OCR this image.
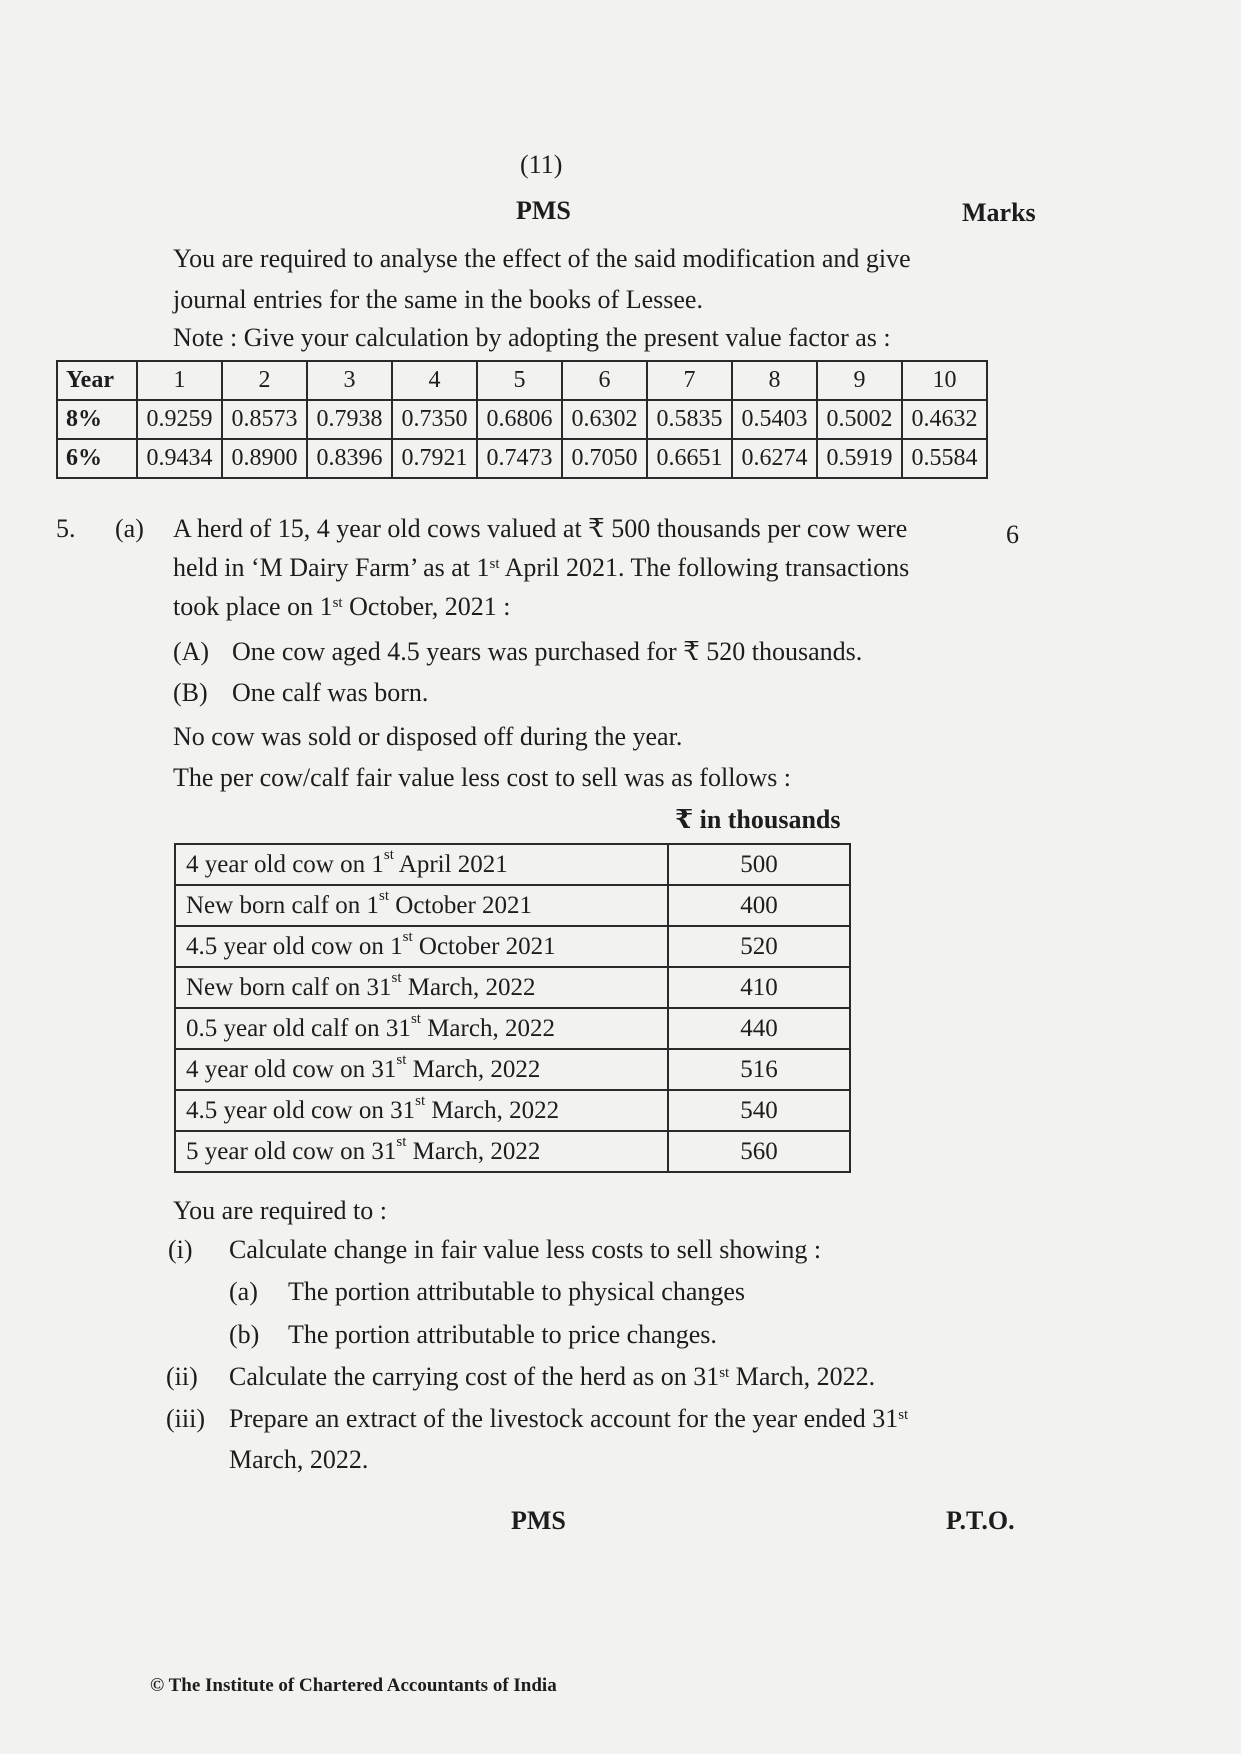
(11)
PMS	Marks
You are required to analyse the effect of the said modification and give
journal entries for the same in the books of Lessee.
Note : Give your calculation by adopting the present value factor as :
Year	1	2	3	4	5	6	7	8	9	10
8%	0.9259	0.8573	0.7938	0.7350	0.6806	0.6302	0.5835	0.5403	0.5002	0.4632
6%	0.9434	0.8900	0.8396	0.7921	0.7473	0.7050	0.6651	0.6274	0.5919	0.5584
5. (a)	6
A herd of 15, 4 year old cows valued at ₹ 500 thousands per cow were
held in ‘M Dairy Farm’ as at 1st April 2021. The following transactions
took place on 1st October, 2021 :
(A) One cow aged 4.5 years was purchased for ₹ 520 thousands.
(B) One calf was born.
No cow was sold or disposed off during the year.
The per cow/calf fair value less cost to sell was as follows :
₹ in thousands
4 year old cow on 1st April 2021	500
New born calf on 1st October 2021	400
4.5 year old cow on 1st October 2021	520
New born calf on 31st March, 2022	410
0.5 year old calf on 31st March, 2022	440
4 year old cow on 31st March, 2022	516
4.5 year old cow on 31st March, 2022	540
5 year old cow on 31st March, 2022	560
You are required to :
(i) Calculate change in fair value less costs to sell showing :
(a) The portion attributable to physical changes
(b) The portion attributable to price changes.
(ii) Calculate the carrying cost of the herd as on 31st March, 2022.
(iii) Prepare an extract of the livestock account for the year ended 31st
March, 2022.
PMS	P.T.O.
© The Institute of Chartered Accountants of India
